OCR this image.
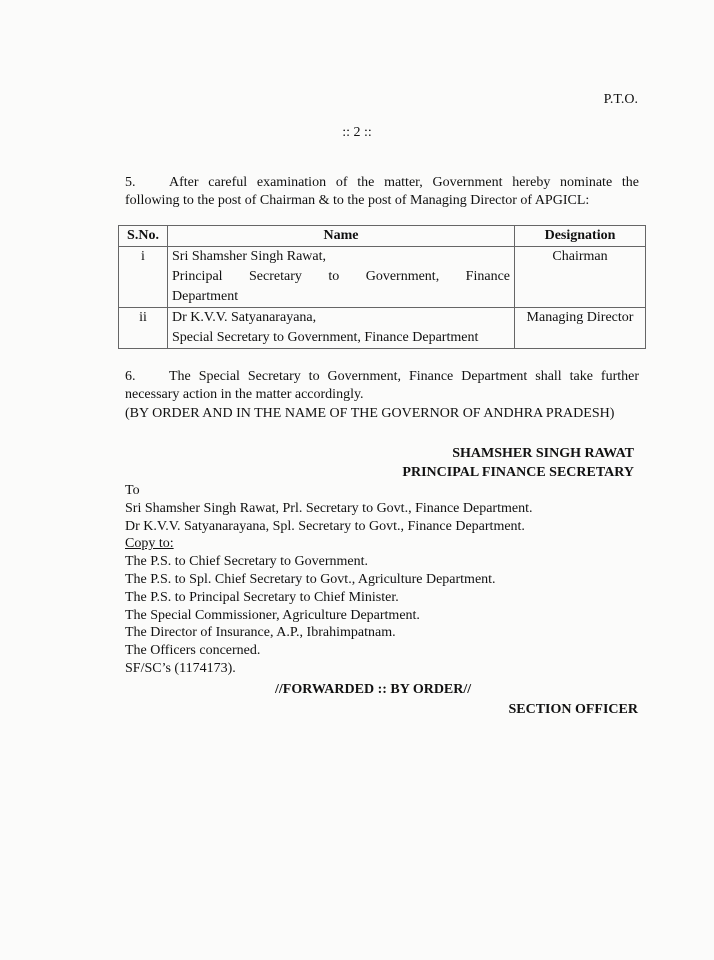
P.T.O.
:: 2 ::
5. After careful examination of the matter, Government hereby nominate the
following to the post of Chairman & to the post of Managing Director of APGICL:
S.No.	Name	Designation
i	Sri Shamsher Singh Rawat,
Principal Secretary to Government, Finance
Department	Chairman
ii	Dr K.V.V. Satyanarayana,
Special Secretary to Government, Finance Department	Managing Director
6. The Special Secretary to Government, Finance Department shall take further
necessary action in the matter accordingly.
(BY ORDER AND IN THE NAME OF THE GOVERNOR OF ANDHRA PRADESH)
SHAMSHER SINGH RAWAT
PRINCIPAL FINANCE SECRETARY
To
Sri Shamsher Singh Rawat, Prl. Secretary to Govt., Finance Department.
Dr K.V.V. Satyanarayana, Spl. Secretary to Govt., Finance Department.
Copy to:
The P.S. to Chief Secretary to Government.
The P.S. to Spl. Chief Secretary to Govt., Agriculture Department.
The P.S. to Principal Secretary to Chief Minister.
The Special Commissioner, Agriculture Department.
The Director of Insurance, A.P., Ibrahimpatnam.
The Officers concerned.
SF/SC’s (1174173).
//FORWARDED :: BY ORDER//
SECTION OFFICER
